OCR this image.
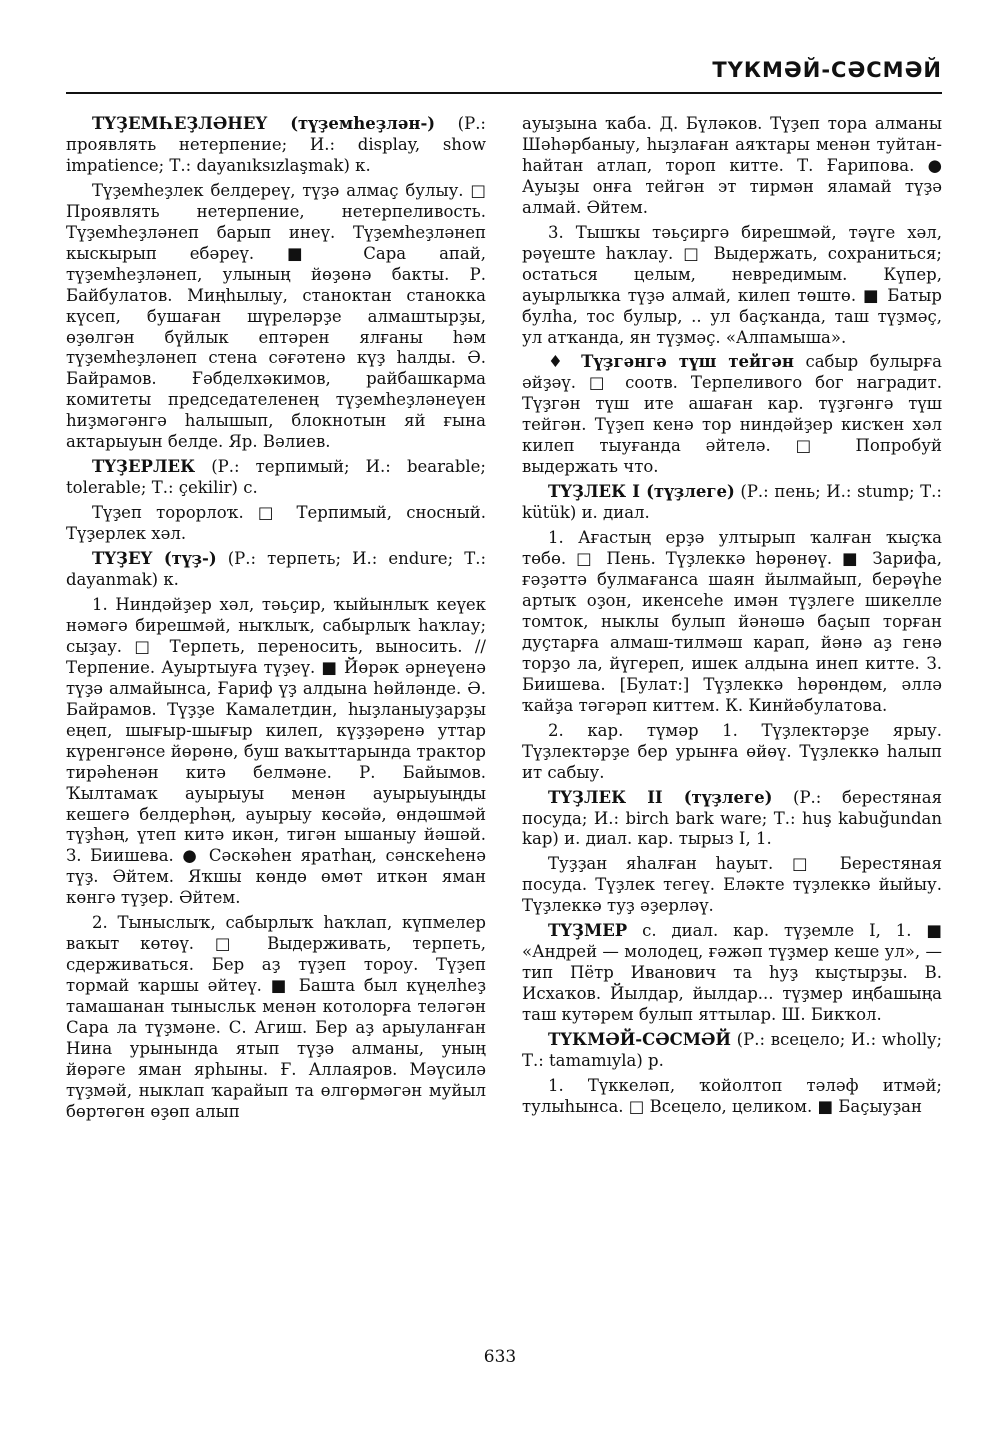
ТҮКМӘЙ-СӘСМӘЙ

ТҮҘЕМҺЕҘЛӘНЕҮ (түҙемһеҙлән-) (Р.: проявлять нетерпение; И.: display, show impatience; Т.: dayanıksızlaşmak) к.

Түҙемһеҙлек белдереү, түҙә алмаҫ булыу. □ Проявлять нетерпение, нетерпеливость. Түҙемһеҙләнеп барып инеү. Түҙемһеҙләнеп кыскырып ебәреү. ■ Сара апай, түҙемһеҙләнеп, улының йөҙөнә бакты. Р. Байбулатов. Миңһылыу, станоктан станокка күсеп, бушаған шүреләрҙе алмаштырҙы, өҙөлгән бүйлык ептәрен ялғаны һәм түҙемһеҙләнеп стена сәғәтенә күҙ һалды. Ә. Байрамов. Ғәбделхәкимов, райбашкарма комитеты председателенең түҙемһеҙләнеүен һиҙмәгәнгә һалышып, блокнотын яй ғына актарыуын белде. Яр. Вәлиев.

ТҮҘЕРЛЕК (Р.: терпимый; И.: bearable; tolerable; Т.: çekilir) с.

Түҙеп торорлоҡ. □ Терпимый, сносный. Түҙерлек хәл.

ТҮҘЕҮ (түҙ-) (Р.: терпеть; И.: endure; Т.: dayanmak) к.

1. Ниндәйҙер хәл, тәьҫир, ҡыйынлыҡ кеүек нәмәгә бирешмәй, ныҡлыҡ, сабырлыҡ һаҡлау; сыҙау. □ Терпеть, переносить, выносить. // Терпение. Ауыртыуға түҙеү. ■ Йөрәк әрнеүенә түҙә алмайынса, Ғариф үҙ алдына һөйләнде. Ә. Байрамов. Түҙҙе Камалетдин, һыҙланыуҙарҙы еңеп, шығыр-шығыр килеп, күҙҙәренә уттар күренгәнсе йөрөнө, буш ваҡыттарында трактор тирәһенән китә белмәне. Р. Байымов. Ҡылтамаҡ ауырыуы менән ауырыуыңды кешегә белдерһәң, ауырыу көсәйә, өндәшмәй түҙһәң, үтеп китә икән, тигән ышаныу йәшәй. З. Биишева. ● Сәскәһен яратһаң, сәнскеһенә түҙ. Әйтем. Яҡшы көндө өмөт иткән яман көнгә түҙер. Әйтем.

2. Тыныслыҡ, сабырлыҡ һаҡлап, күпмелер ваҡыт көтөү. □ Выдерживать, терпеть, сдерживаться. Бер аҙ түҙеп тороу. Түҙеп тормай ҡаршы әйтеү. ■ Башта был күңелһеҙ тамашанан тынысльк менән котолорға теләгән Сара ла түҙмәне. С. Агиш. Бер аҙ арыуланған Нина урынында ятып түҙә алманы, уның йөрәге яман ярһыны. Ғ. Аллаяров. Мәүсилә түҙмәй, ныклап ҡарайып та өлгөрмәгән муйыл бөртөгөн өҙөп алып

ауыҙына ҡаба. Д. Бүләков. Түҙеп тора алманы Шәһәрбаныу, һыҙлаған аяҡтары менән туйтан-һайтан атлап, тороп китте. Т. Ғарипова. ● Ауыҙы онға тейгән эт тирмән яламай түҙә алмай. Әйтем.

3. Тышҡы тәьҫиргә бирешмәй, тәүге хәл, рәүеште һаҡлау. □ Выдержать, сохраниться; остаться целым, невредимым. Күпер, ауырлыҡка түҙә алмай, килеп төштө. ■ Батыр булһа, тос булыр, .. ул баҫҡанда, таш түҙмәҫ, ул атҡанда, ян түҙмәҫ. «Алпамыша».

♦ Түҙгәнгә түш тейгән сабыр булырға әйҙәү. □ соотв. Терпеливого бог наградит. Түҙгән түш ите ашаған кар. түҙгәнгә түш тейгән. Түҙеп кенә тор ниндәйҙер кисҡен хәл килеп тыуғанда әйтелә. □ Попробуй выдержать что.

ТҮҘЛЕК I (түҙлеге) (Р.: пень; И.: stump; Т.: kütük) и. диал.

1. Ағастың ерҙә ултырып ҡалған ҡыҫҡа төбө. □ Пень. Түҙлеккә һөрөнөү. ■ Зарифа, ғәҙәттә булмағанса шаян йылмайып, берәүһе артыҡ оҙон, икенсеһе имән түҙлеге шикелле томток, ныклы булып йәнәшә баҫып торған дуҫтарға алмаш-тилмәш карап, йәнә аҙ генә торҙо ла, йүгереп, ишек алдына инеп китте. З. Биишева. [Булат:] Түҙлеккә һөрөндөм, әллә ҡайҙа тәгәрәп киттем. К. Кинйәбулатова.

2. кар. түмәр 1. Түҙлектәрҙе ярыу. Түҙлектәрҙе бер урынға өйөү. Түҙлеккә һалып ит сабыу.

ТҮҘЛЕК II (түҙлеге) (Р.: берестяная посуда; И.: birch bark ware; Т.: huş kabuğundan kap) и. диал. кар. тырыз I, 1.

Туҙҙан яһалған һауыт. □ Берестяная посуда. Түҙлек тегеү. Еләкте түҙлеккә йыйыу. Түҙлеккә туҙ әҙерләү.

ТҮҘМЕР с. диал. кар. түҙемле I, 1. ■ «Андрей — молодец, ғәжәп түҙмер кеше ул», — тип Пётр Иванович та һуҙ кыҫтырҙы. В. Исхаҡов. Йылдар, йылдар... түҙмер иңбашыңа таш кутәрем булып яттылар. Ш. Бикҡол.

ТҮКМӘЙ-СӘСМӘЙ (Р.: всецело; И.: wholly; Т.: tamamıyla) р.

1. Түккеләп, ҡойолтоп тәләф итмәй; тулыһынса. □ Всецело, целиком. ■ Баҫыуҙан

633
